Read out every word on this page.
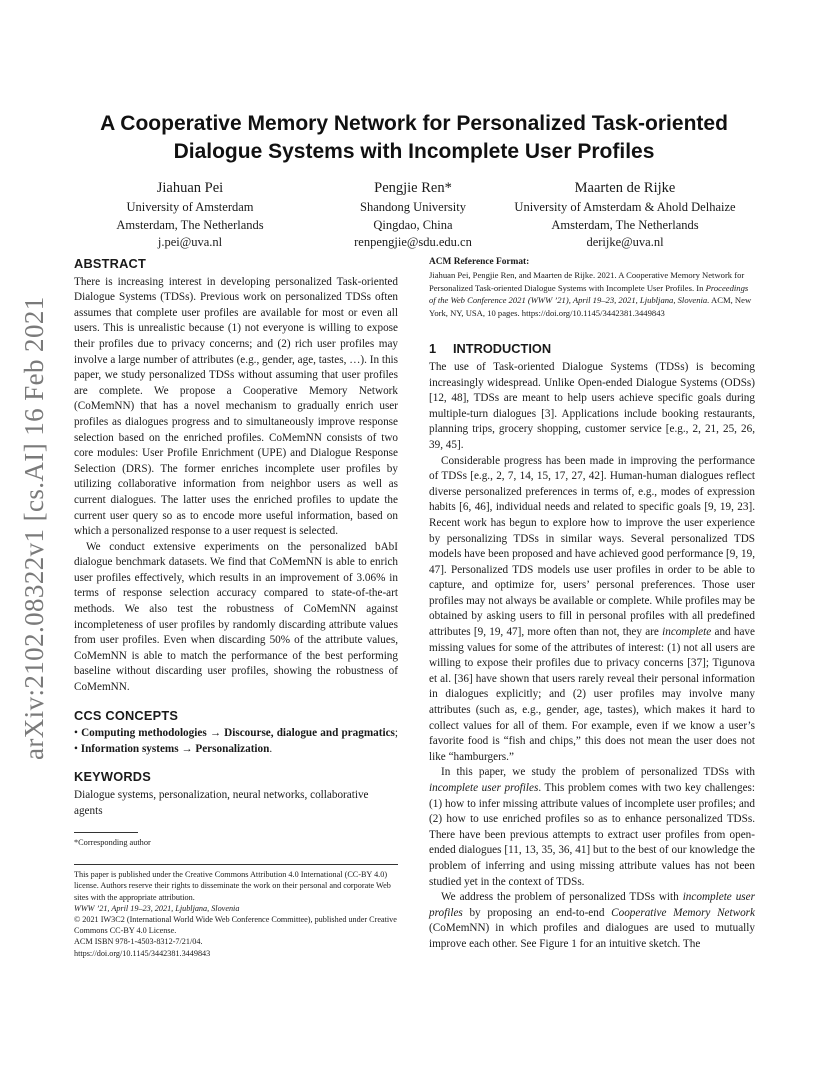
arXiv:2102.08322v1 [cs.AI] 16 Feb 2021
A Cooperative Memory Network for Personalized Task-oriented Dialogue Systems with Incomplete User Profiles
Jiahuan Pei
University of Amsterdam
Amsterdam, The Netherlands
j.pei@uva.nl
Pengjie Ren*
Shandong University
Qingdao, China
renpengjie@sdu.edu.cn
Maarten de Rijke
University of Amsterdam & Ahold Delhaize
Amsterdam, The Netherlands
derijke@uva.nl
ABSTRACT

There is increasing interest in developing personalized Task-oriented Dialogue Systems (TDSs). Previous work on personalized TDSs often assumes that complete user profiles are available for most or even all users. This is unrealistic because (1) not everyone is willing to expose their profiles due to privacy concerns; and (2) rich user profiles may involve a large number of attributes (e.g., gender, age, tastes, …). In this paper, we study personalized TDSs without assuming that user profiles are complete. We propose a Cooperative Memory Network (CoMemNN) that has a novel mechanism to gradually enrich user profiles as dialogues progress and to simultaneously improve response selection based on the enriched profiles. CoMemNN consists of two core modules: User Profile Enrichment (UPE) and Dialogue Response Selection (DRS). The former enriches incomplete user profiles by utilizing collaborative information from neighbor users as well as current dialogues. The latter uses the enriched profiles to update the current user query so as to encode more useful information, based on which a personalized response to a user request is selected.

We conduct extensive experiments on the personalized bAbI dialogue benchmark datasets. We find that CoMemNN is able to enrich user profiles effectively, which results in an improvement of 3.06% in terms of response selection accuracy compared to state-of-the-art methods. We also test the robustness of CoMemNN against incompleteness of user profiles by randomly discarding attribute values from user profiles. Even when discarding 50% of the attribute values, CoMemNN is able to match the performance of the best performing baseline without discarding user profiles, showing the robustness of CoMemNN.

CCS CONCEPTS

• Computing methodologies → Discourse, dialogue and pragmatics; • Information systems → Personalization.

KEYWORDS

Dialogue systems, personalization, neural networks, collaborative agents

*Corresponding author

This paper is published under the Creative Commons Attribution 4.0 International (CC-BY 4.0) license. Authors reserve their rights to disseminate the work on their personal and corporate Web sites with the appropriate attribution.

WWW ’21, April 19–23, 2021, Ljubljana, Slovenia

© 2021 IW3C2 (International World Wide Web Conference Committee), published under Creative Commons CC-BY 4.0 License.

ACM ISBN 978-1-4503-8312-7/21/04.

https://doi.org/10.1145/3442381.3449843

ACM Reference Format:

Jiahuan Pei, Pengjie Ren, and Maarten de Rijke. 2021. A Cooperative Memory Network for Personalized Task-oriented Dialogue Systems with Incomplete User Profiles. In Proceedings of the Web Conference 2021 (WWW ’21), April 19–23, 2021, Ljubljana, Slovenia. ACM, New York, NY, USA, 10 pages. https://doi.org/10.1145/3442381.3449843

1 INTRODUCTION

The use of Task-oriented Dialogue Systems (TDSs) is becoming increasingly widespread. Unlike Open-ended Dialogue Systems (ODSs) [12, 48], TDSs are meant to help users achieve specific goals during multiple-turn dialogues [3]. Applications include booking restaurants, planning trips, grocery shopping, customer service [e.g., 2, 21, 25, 26, 39, 45].

Considerable progress has been made in improving the performance of TDSs [e.g., 2, 7, 14, 15, 17, 27, 42]. Human-human dialogues reflect diverse personalized preferences in terms of, e.g., modes of expression habits [6, 46], individual needs and related to specific goals [9, 19, 23]. Recent work has begun to explore how to improve the user experience by personalizing TDSs in similar ways. Several personalized TDS models have been proposed and have achieved good performance [9, 19, 47]. Personalized TDS models use user profiles in order to be able to capture, and optimize for, users’ personal preferences. Those user profiles may not always be available or complete. While profiles may be obtained by asking users to fill in personal profiles with all predefined attributes [9, 19, 47], more often than not, they are incomplete and have missing values for some of the attributes of interest: (1) not all users are willing to expose their profiles due to privacy concerns [37]; Tigunova et al. [36] have shown that users rarely reveal their personal information in dialogues explicitly; and (2) user profiles may involve many attributes (such as, e.g., gender, age, tastes), which makes it hard to collect values for all of them. For example, even if we know a user’s favorite food is “fish and chips,” this does not mean the user does not like “hamburgers.”

In this paper, we study the problem of personalized TDSs with incomplete user profiles. This problem comes with two key challenges: (1) how to infer missing attribute values of incomplete user profiles; and (2) how to use enriched profiles so as to enhance personalized TDSs. There have been previous attempts to extract user profiles from open-ended dialogues [11, 13, 35, 36, 41] but to the best of our knowledge the problem of inferring and using missing attribute values has not been studied yet in the context of TDSs.

We address the problem of personalized TDSs with incomplete user profiles by proposing an end-to-end Cooperative Memory Network (CoMemNN) in which profiles and dialogues are used to mutually improve each other. See Figure 1 for an intuitive sketch. The
